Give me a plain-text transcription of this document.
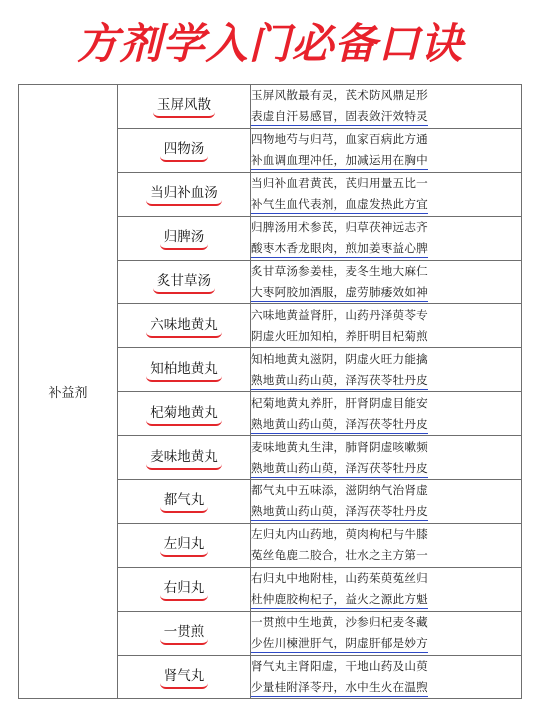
方剂学入门必备口诀
补益剂	玉屏风散	玉屏风散最有灵，芪术防风鼎足形
表虚自汗易感冒，固表敛汗效特灵

	四物汤	四物地芍与归芎，血家百病此方通
补血调血理冲任，加减运用在胸中

	当归补血汤	当归补血君黄芪，芪归用量五比一
补气生血代表剂，血虚发热此方宜

	归脾汤	归脾汤用术参芪，归草茯神远志齐
酸枣木香龙眼肉，煎加姜枣益心脾

	炙甘草汤	炙甘草汤参姜桂，麦冬生地大麻仁
大枣阿胶加酒服，虚劳肺痿效如神

	六味地黄丸	六味地黄益肾肝，山药丹泽萸苓专
阴虚火旺加知柏，养肝明目杞菊煎

	知柏地黄丸	知柏地黄丸滋阴，阴虚火旺力能擒
熟地黄山药山萸，泽泻茯苓牡丹皮

	杞菊地黄丸	杞菊地黄丸养肝，肝肾阴虚目能安
熟地黄山药山萸，泽泻茯苓牡丹皮

	麦味地黄丸	麦味地黄丸生津，肺肾阴虚咳嗽频
熟地黄山药山萸，泽泻茯苓牡丹皮

	都气丸	都气丸中五味添，滋阴纳气治肾虚
熟地黄山药山萸，泽泻茯苓牡丹皮

	左归丸	左归丸内山药地，萸肉枸杞与牛膝
菟丝龟鹿二胶合，壮水之主方第一

	右归丸	右归丸中地附桂，山药茱萸菟丝归
杜仲鹿胶枸杞子，益火之源此方魁

	一贯煎	一贯煎中生地黄，沙参归杞麦冬藏
少佐川楝泄肝气，阴虚肝郁是妙方

	肾气丸	肾气丸主肾阳虚，干地山药及山萸
少量桂附泽苓丹，水中生火在温煦
